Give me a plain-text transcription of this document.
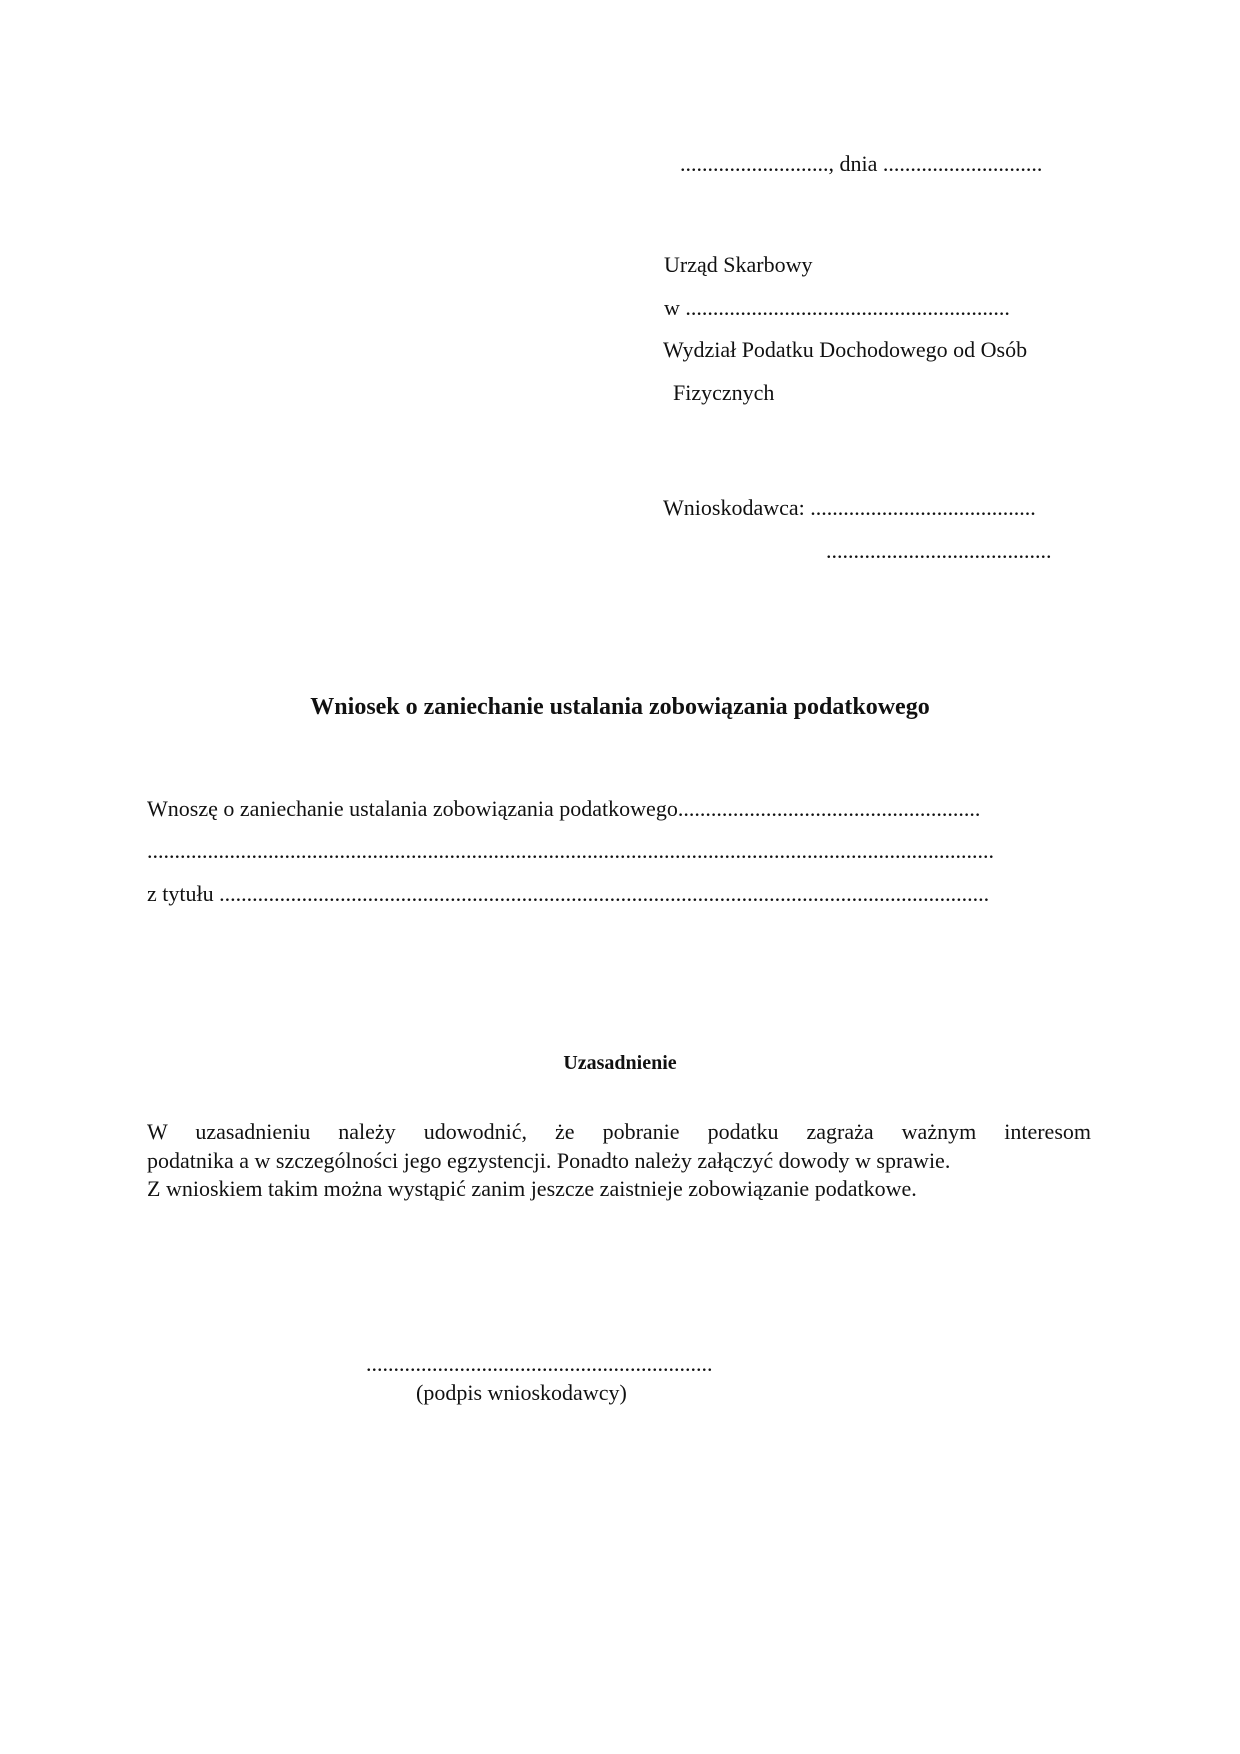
..........................., dnia .............................
Urząd Skarbowy
w ...........................................................
Wydział Podatku Dochodowego od Osób
Fizycznych
Wnioskodawca: .........................................
.........................................
Wniosek o zaniechanie ustalania zobowiązania podatkowego
Wnoszę o zaniechanie ustalania zobowiązania podatkowego.......................................................
..........................................................................................................................................................
z tytułu ............................................................................................................................................
Uzasadnienie
W uzasadnieniu należy udowodnić, że pobranie podatku zagraża ważnym interesom
podatnika a w szczególności jego egzystencji. Ponadto należy załączyć dowody w sprawie.
Z wnioskiem takim można wystąpić zanim jeszcze zaistnieje zobowiązanie podatkowe.
...............................................................
(podpis wnioskodawcy)
